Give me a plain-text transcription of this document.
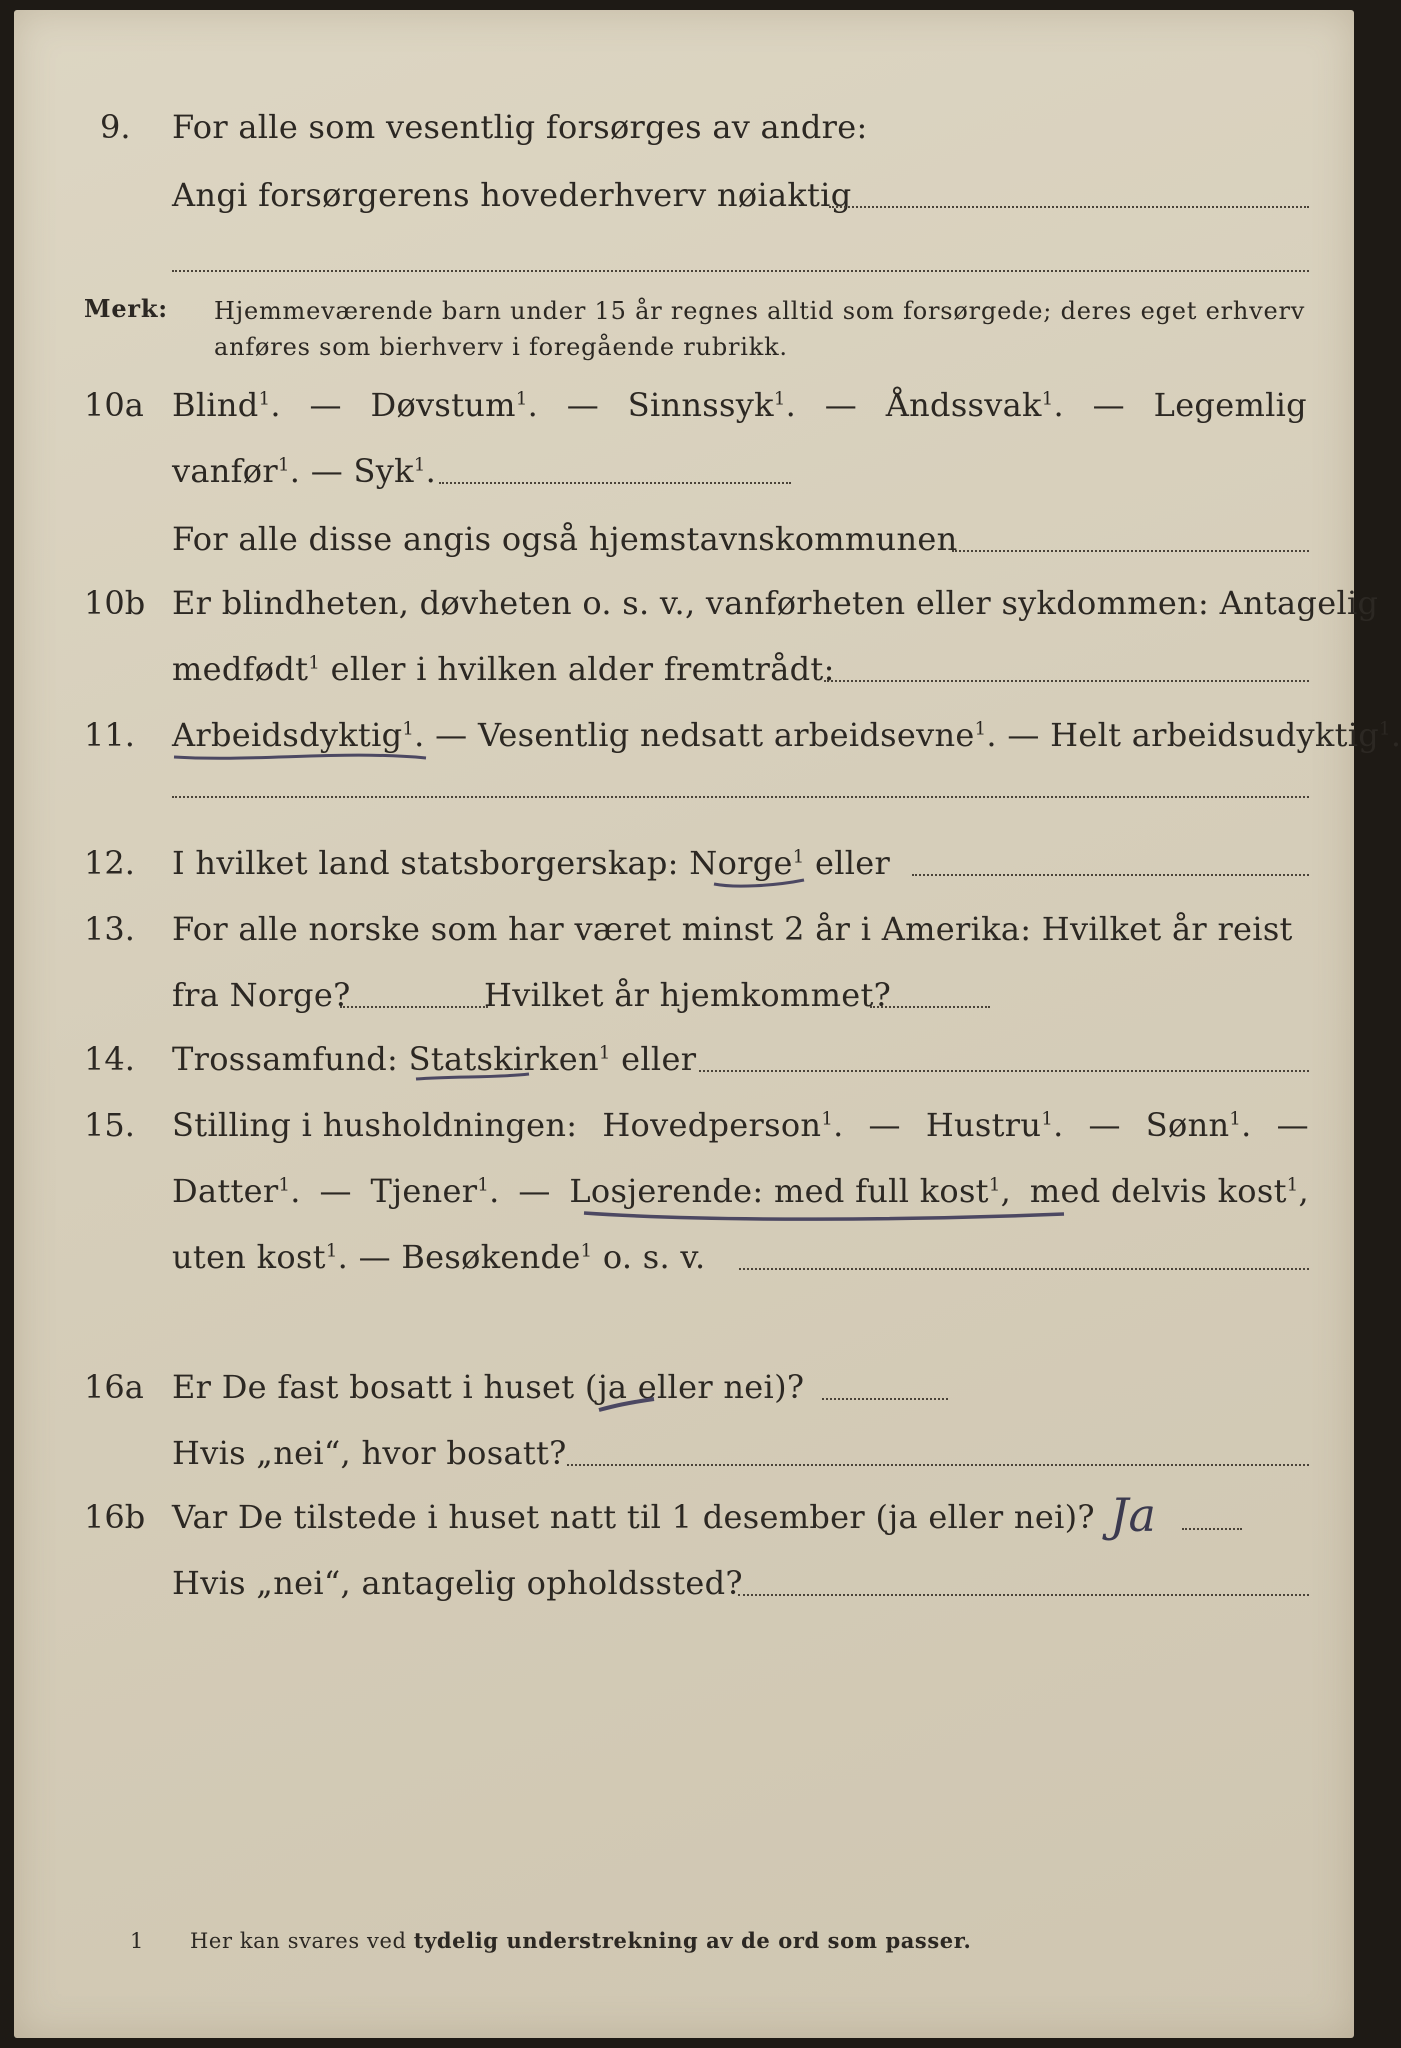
9. For alle som vesentlig forsørges av andre:
Angi forsørgerens hovederhverv nøiaktig
Merk: Hjemmeværende barn under 15 år regnes alltid som forsørgede; deres eget erhverv
anføres som bierhverv i foregående rubrikk.
10a Blind$^1$. — Døvstum$^1$. — Sinnssyk$^1$. — Åndssvak$^1$. — Legemlig
vanfør$^1$. — Syk$^1$.
For alle disse angis også hjemstavnskommunen
10b Er blindheten, døvheten o. s. v., vanførheten eller sykdommen: Antagelig
medfødt$^1$ eller i hvilken alder fremtrådt:
11. Arbeidsdyktig$^1$. — Vesentlig nedsatt arbeidsevne$^1$. — Helt arbeidsudyktig$^1$.
12. I hvilket land statsborgerskap: Norge$^1$ eller
13. For alle norske som har været minst 2 år i Amerika: Hvilket år reist
fra Norge?	Hvilket år hjemkommet?
14. Trossamfund: Statskirken$^1$ eller
15. Stilling i husholdningen: Hovedperson$^1$. — Hustru$^1$. — Sønn$^1$. —
Datter$^1$. — Tjener$^1$. — Losjerende: med full kost$^1$, med delvis kost$^1$,
uten kost$^1$. — Besøkende$^1$ o. s. v.
16a Er De fast bosatt i huset (ja eller nei)?
Hvis „nei“, hvor bosatt?
16b Var De tilstede i huset natt til 1 desember (ja eller nei)? Ja
Hvis „nei“, antagelig opholdssted?
1 Her kan svares ved tydelig understrekning av de ord som passer.
